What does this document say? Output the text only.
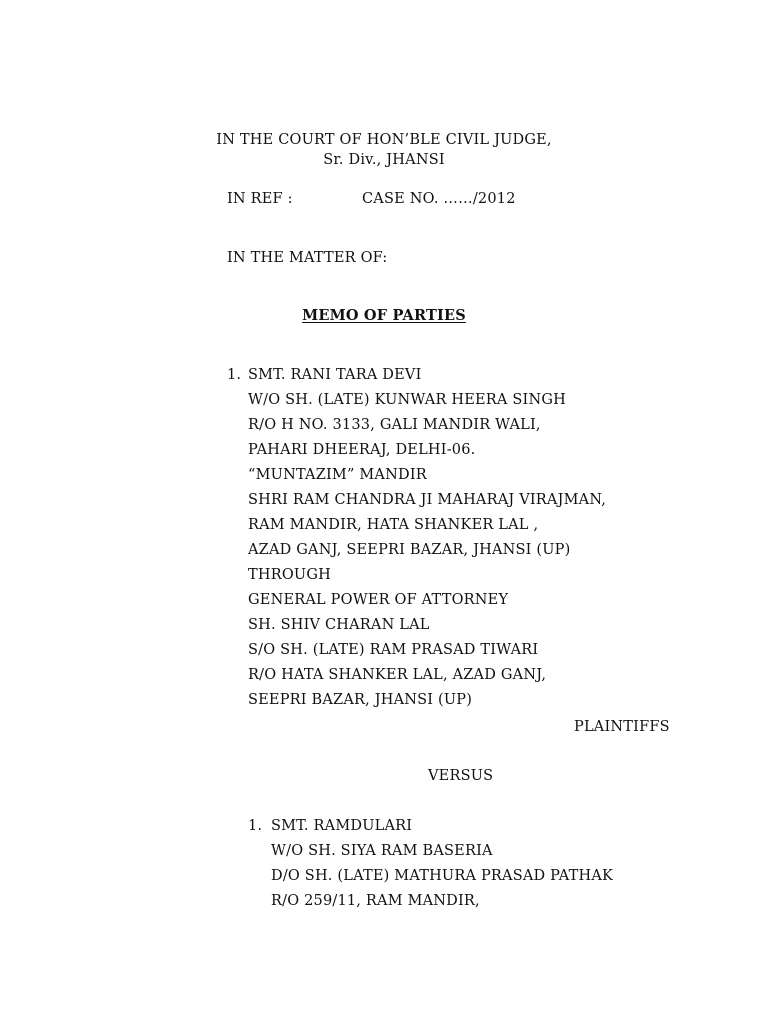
IN THE COURT OF HON’BLE CIVIL JUDGE,
Sr. Div., JHANSI
IN REF :	CASE NO. ……/2012
IN THE MATTER OF:
MEMO OF PARTIES
1. SMT. RANI TARA DEVI
W/O SH. (LATE) KUNWAR HEERA SINGH
R/O H NO. 3133, GALI MANDIR WALI,
PAHARI DHEERAJ, DELHI-06.
“MUNTAZIM” MANDIR
SHRI RAM CHANDRA JI MAHARAJ VIRAJMAN,
RAM MANDIR, HATA SHANKER LAL ,
AZAD GANJ, SEEPRI BAZAR, JHANSI (UP)
THROUGH
GENERAL POWER OF ATTORNEY
SH. SHIV CHARAN LAL
S/O SH. (LATE) RAM PRASAD TIWARI
R/O HATA SHANKER LAL, AZAD GANJ,
SEEPRI BAZAR, JHANSI (UP)
PLAINTIFFS
VERSUS
1. SMT. RAMDULARI
W/O SH. SIYA RAM BASERIA
D/O SH. (LATE) MATHURA PRASAD PATHAK
R/O 259/11, RAM MANDIR,
